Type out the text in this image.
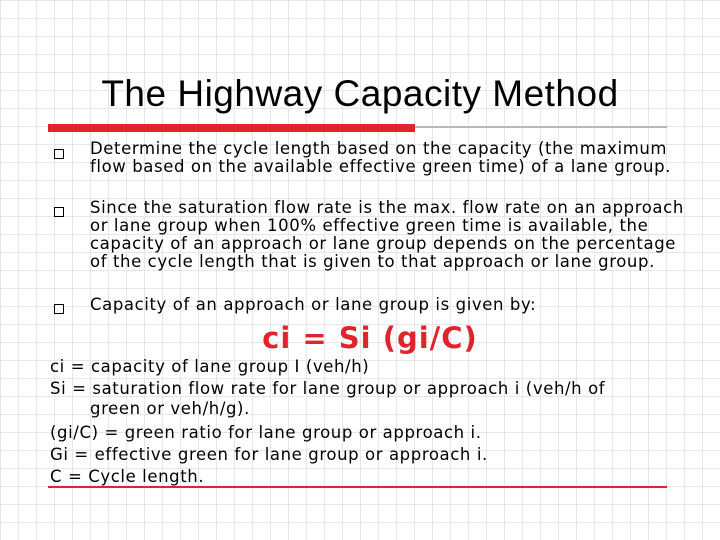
The Highway Capacity Method

Determine the cycle length based on the capacity (the maximum flow based on the available effective green time) of a lane group.

Since the saturation flow rate is the max. flow rate on an approach or lane group when 100% effective green time is available, the capacity of an approach or lane group depends on the percentage of the cycle length that is given to that approach or lane group.

Capacity of an approach or lane group is given by:

ci = Si (gi/C)

ci = capacity of lane group I (veh/h)

Si = saturation flow rate for lane group or approach i (veh/h of

green or veh/h/g).

(gi/C) = green ratio for lane group or approach i.

Gi = effective green for lane group or approach i.

C = Cycle length.
